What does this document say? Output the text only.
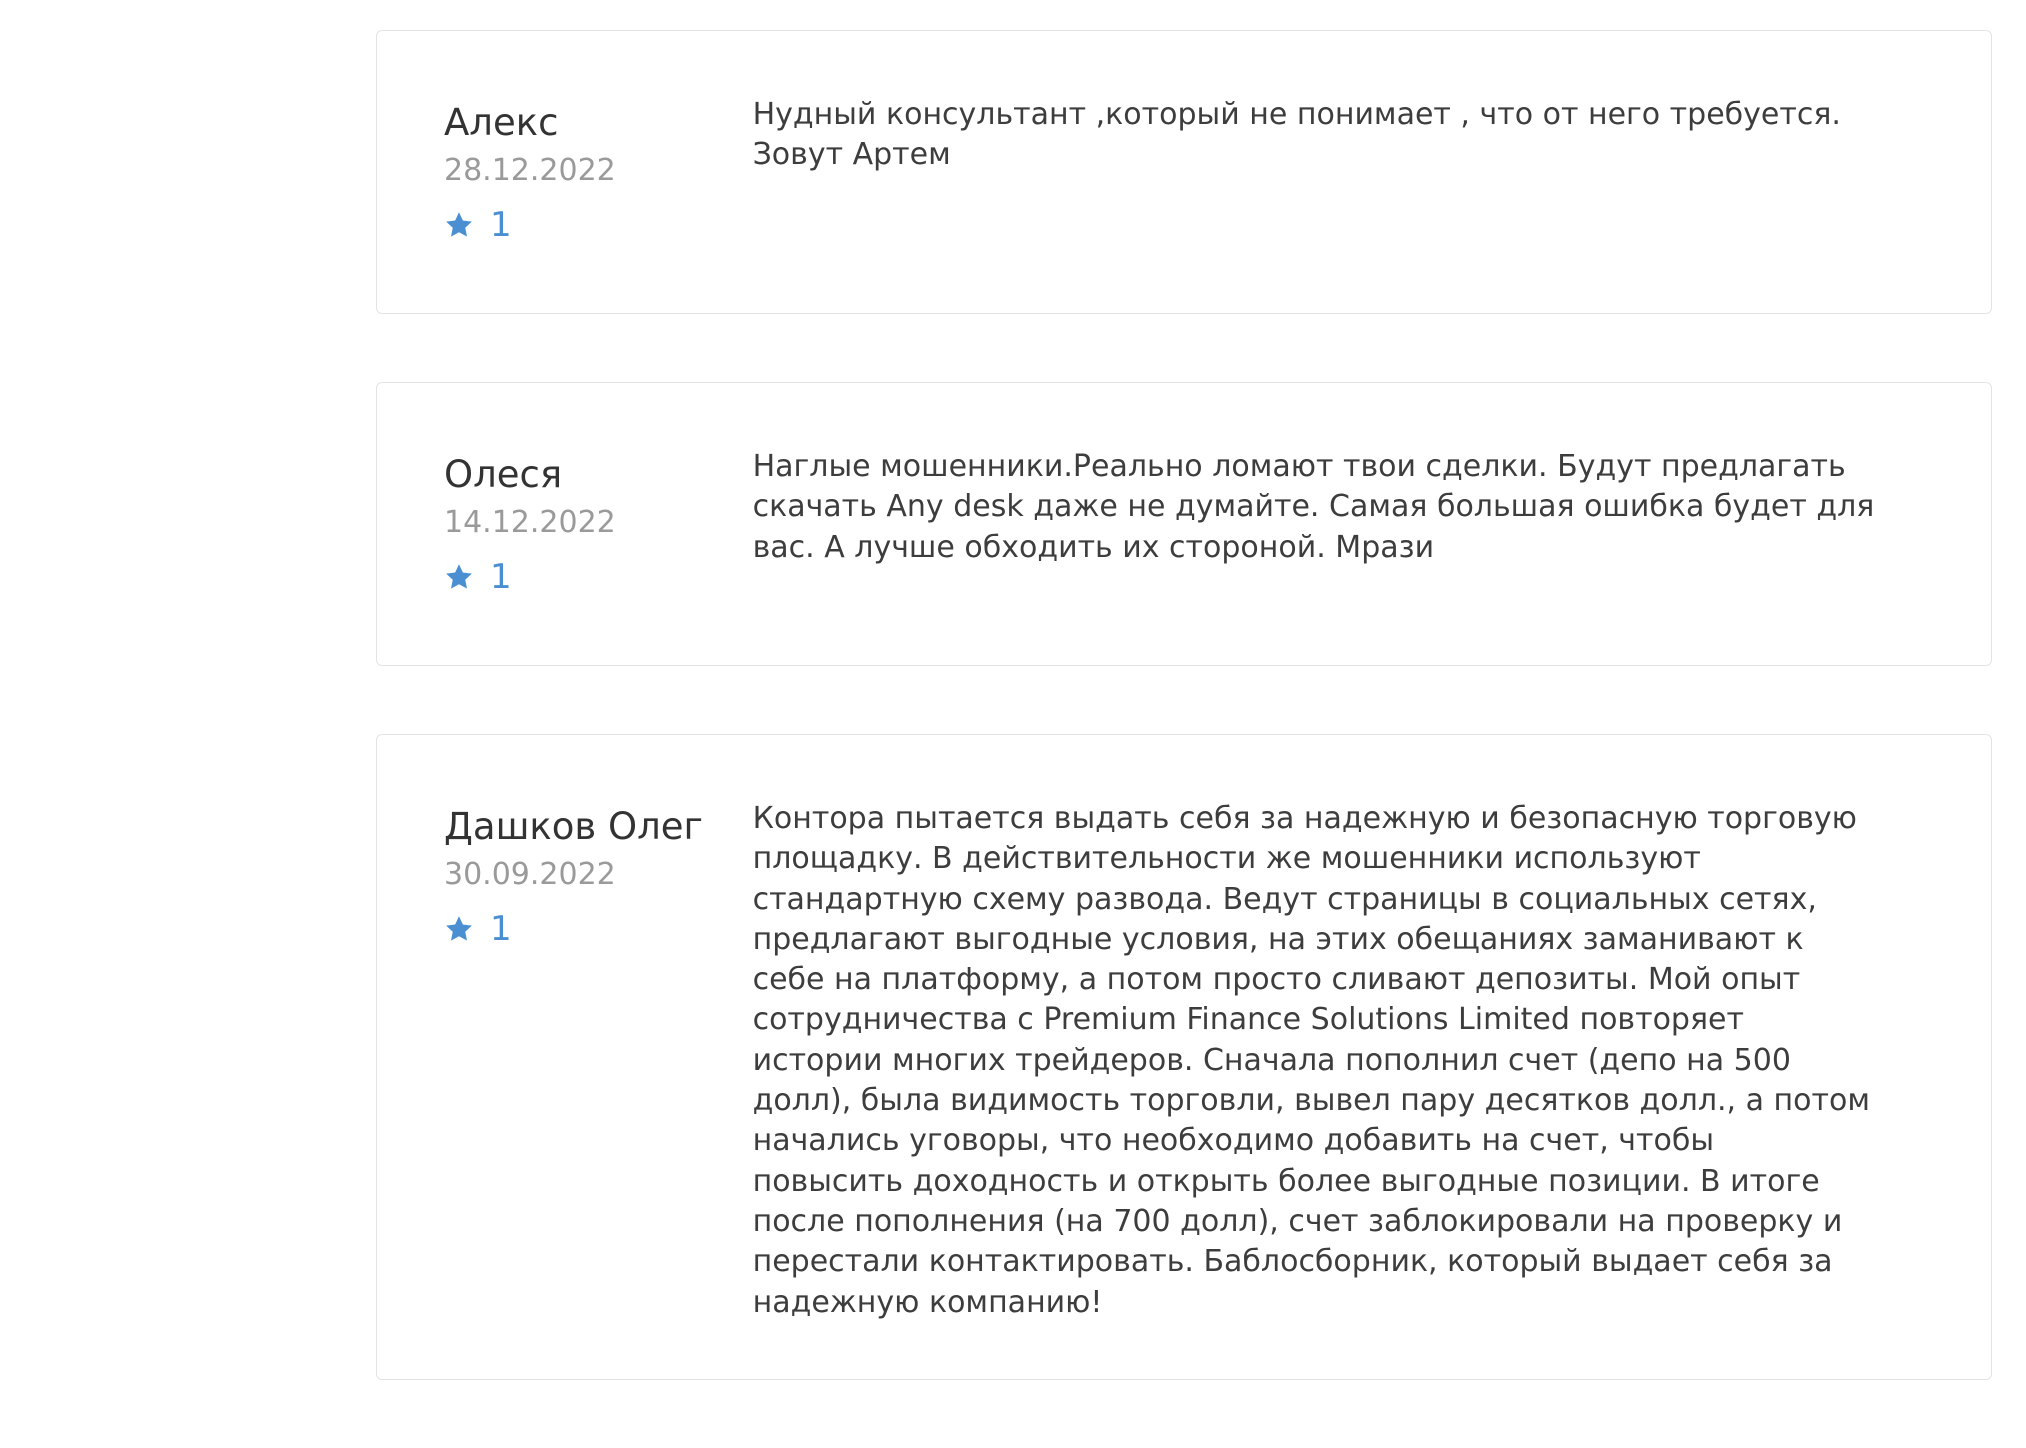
Алекс
28.12.2022
1
Нудный консультант ,который не понимает , что от него требуется.
Зовут Артем
Олеся
14.12.2022
1
Наглые мошенники.Реально ломают твои сделки. Будут предлагать
скачать Any desk даже не думайте. Самая большая ошибка будет для
вас. А лучше обходить их стороной. Мрази
Дашков Олег
30.09.2022
1
Контора пытается выдать себя за надежную и безопасную торговую
площадку. В действительности же мошенники используют
стандартную схему развода. Ведут страницы в социальных сетях,
предлагают выгодные условия, на этих обещаниях заманивают к
себе на платформу, а потом просто сливают депозиты. Мой опыт
сотрудничества с Premium Finance Solutions Limited повторяет
истории многих трейдеров. Сначала пополнил счет (депо на 500
долл), была видимость торговли, вывел пару десятков долл., а потом
начались уговоры, что необходимо добавить на счет, чтобы
повысить доходность и открыть более выгодные позиции. В итоге
после пополнения (на 700 долл), счет заблокировали на проверку и
перестали контактировать. Баблосборник, который выдает себя за
надежную компанию!
